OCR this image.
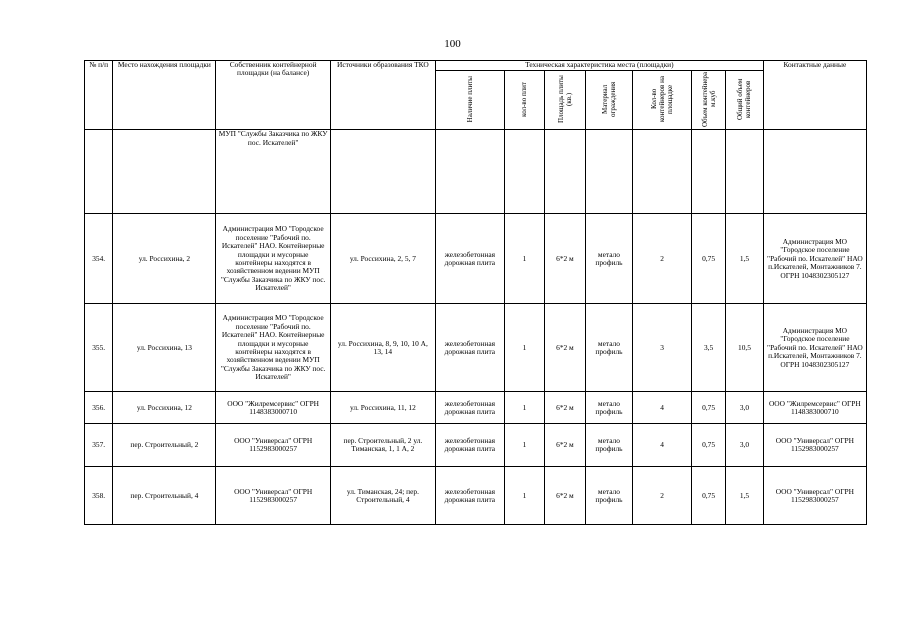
100
№ п/п	Место нахождения площадки	Собственник контейнерной площадки (на балансе)	Источники образования ТКО	Техническая характеристика места (площадки)							Контактные данные
				Наличие плиты	кол-во плит	Площадь плиты (кв.)	Материал ограждения	Кол-во контейнеров на площадке	Объем контейнера м.куб	Общий объем контейнеров	
		МУП "Службы Заказчика по ЖКУ пос. Искателей"									
354.	ул. Россихина, 2	Администрация МО "Городское поселение "Рабочий по. Искателей" НАО. Контейнерные площадки и мусорные контейнеры находятся в хозяйственном ведении МУП "Службы Заказчика по ЖКУ пос. Искателей"	ул. Россихина, 2, 5, 7	железобетонная дорожная плита	1	6*2 м	метало профиль	2	0,75	1,5	Администрация МО "Городское поселение "Рабочий по. Искателей" НАО п.Искателей, Монтажников 7. ОГРН 1048302305127
355.	ул. Россихина, 13	Администрация МО "Городское поселение "Рабочий по. Искателей" НАО. Контейнерные площадки и мусорные контейнеры находятся в хозяйственном ведении МУП "Службы Заказчика по ЖКУ пос. Искателей"	ул. Россихина, 8, 9, 10, 10 А, 13, 14	железобетонная дорожная плита	1	6*2 м	метало профиль	3	3,5	10,5	Администрация МО "Городское поселение "Рабочий по. Искателей" НАО п.Искателей, Монтажников 7. ОГРН 1048302305127
356.	ул. Россихина, 12	ООО "Жилремсервис" ОГРН 1148383000710	ул. Россихина, 11, 12	железобетонная дорожная плита	1	6*2 м	метало профиль	4	0,75	3,0	ООО "Жилремсервис" ОГРН 1148383000710
357.	пер. Строительный, 2	ООО "Универсал" ОГРН 1152983000257	пер. Строительный, 2 ул. Тиманская, 1, 1 А, 2	железобетонная дорожная плита	1	6*2 м	метало профиль	4	0,75	3,0	ООО "Универсал" ОГРН 1152983000257
358.	пер. Строительный, 4	ООО "Универсал" ОГРН 1152983000257	ул. Тиманская, 24; пер. Строительный, 4	железобетонная дорожная плита	1	6*2 м	метало профиль	2	0,75	1,5	ООО "Универсал" ОГРН 1152983000257
